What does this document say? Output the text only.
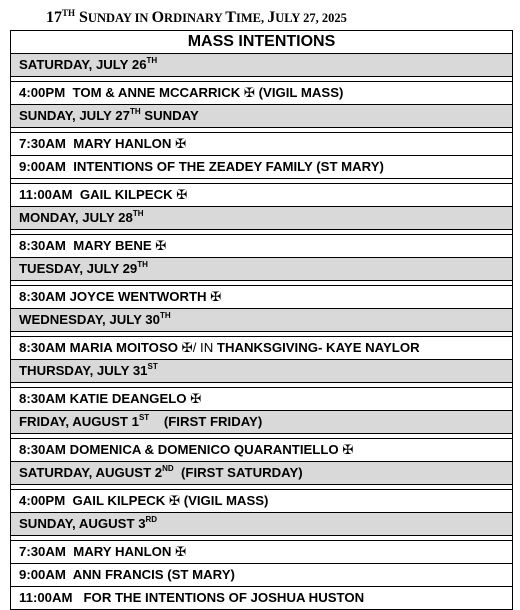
17TH SUNDAY IN ORDINARY TIME, JULY 27, 2025
MASS INTENTIONS
SATURDAY, JULY 26TH

4:00PM  TOM & ANNE MCCARRICK ✠ (VIGIL MASS)
SUNDAY, JULY 27TH SUNDAY

7:30AM  MARY HANLON ✠
9:00AM  INTENTIONS OF THE ZEADEY FAMILY (ST MARY)

11:00AM  GAIL KILPECK ✠
MONDAY, JULY 28TH

8:30AM  MARY BENE ✠
TUESDAY, JULY 29TH

8:30AM JOYCE WENTWORTH ✠
WEDNESDAY, JULY 30TH

8:30AM MARIA MOITOSO ✠/ IN THANKSGIVING- KAYE NAYLOR
THURSDAY, JULY 31ST

8:30AM KATIE DEANGELO ✠
FRIDAY, AUGUST 1ST    (FIRST FRIDAY)

8:30AM DOMENICA & DOMENICO QUARANTIELLO ✠
SATURDAY, AUGUST 2ND  (FIRST SATURDAY)

4:00PM  GAIL KILPECK ✠ (VIGIL MASS)
SUNDAY, AUGUST 3RD

7:30AM  MARY HANLON ✠
9:00AM  ANN FRANCIS (ST MARY)
11:00AM   FOR THE INTENTIONS OF JOSHUA HUSTON
